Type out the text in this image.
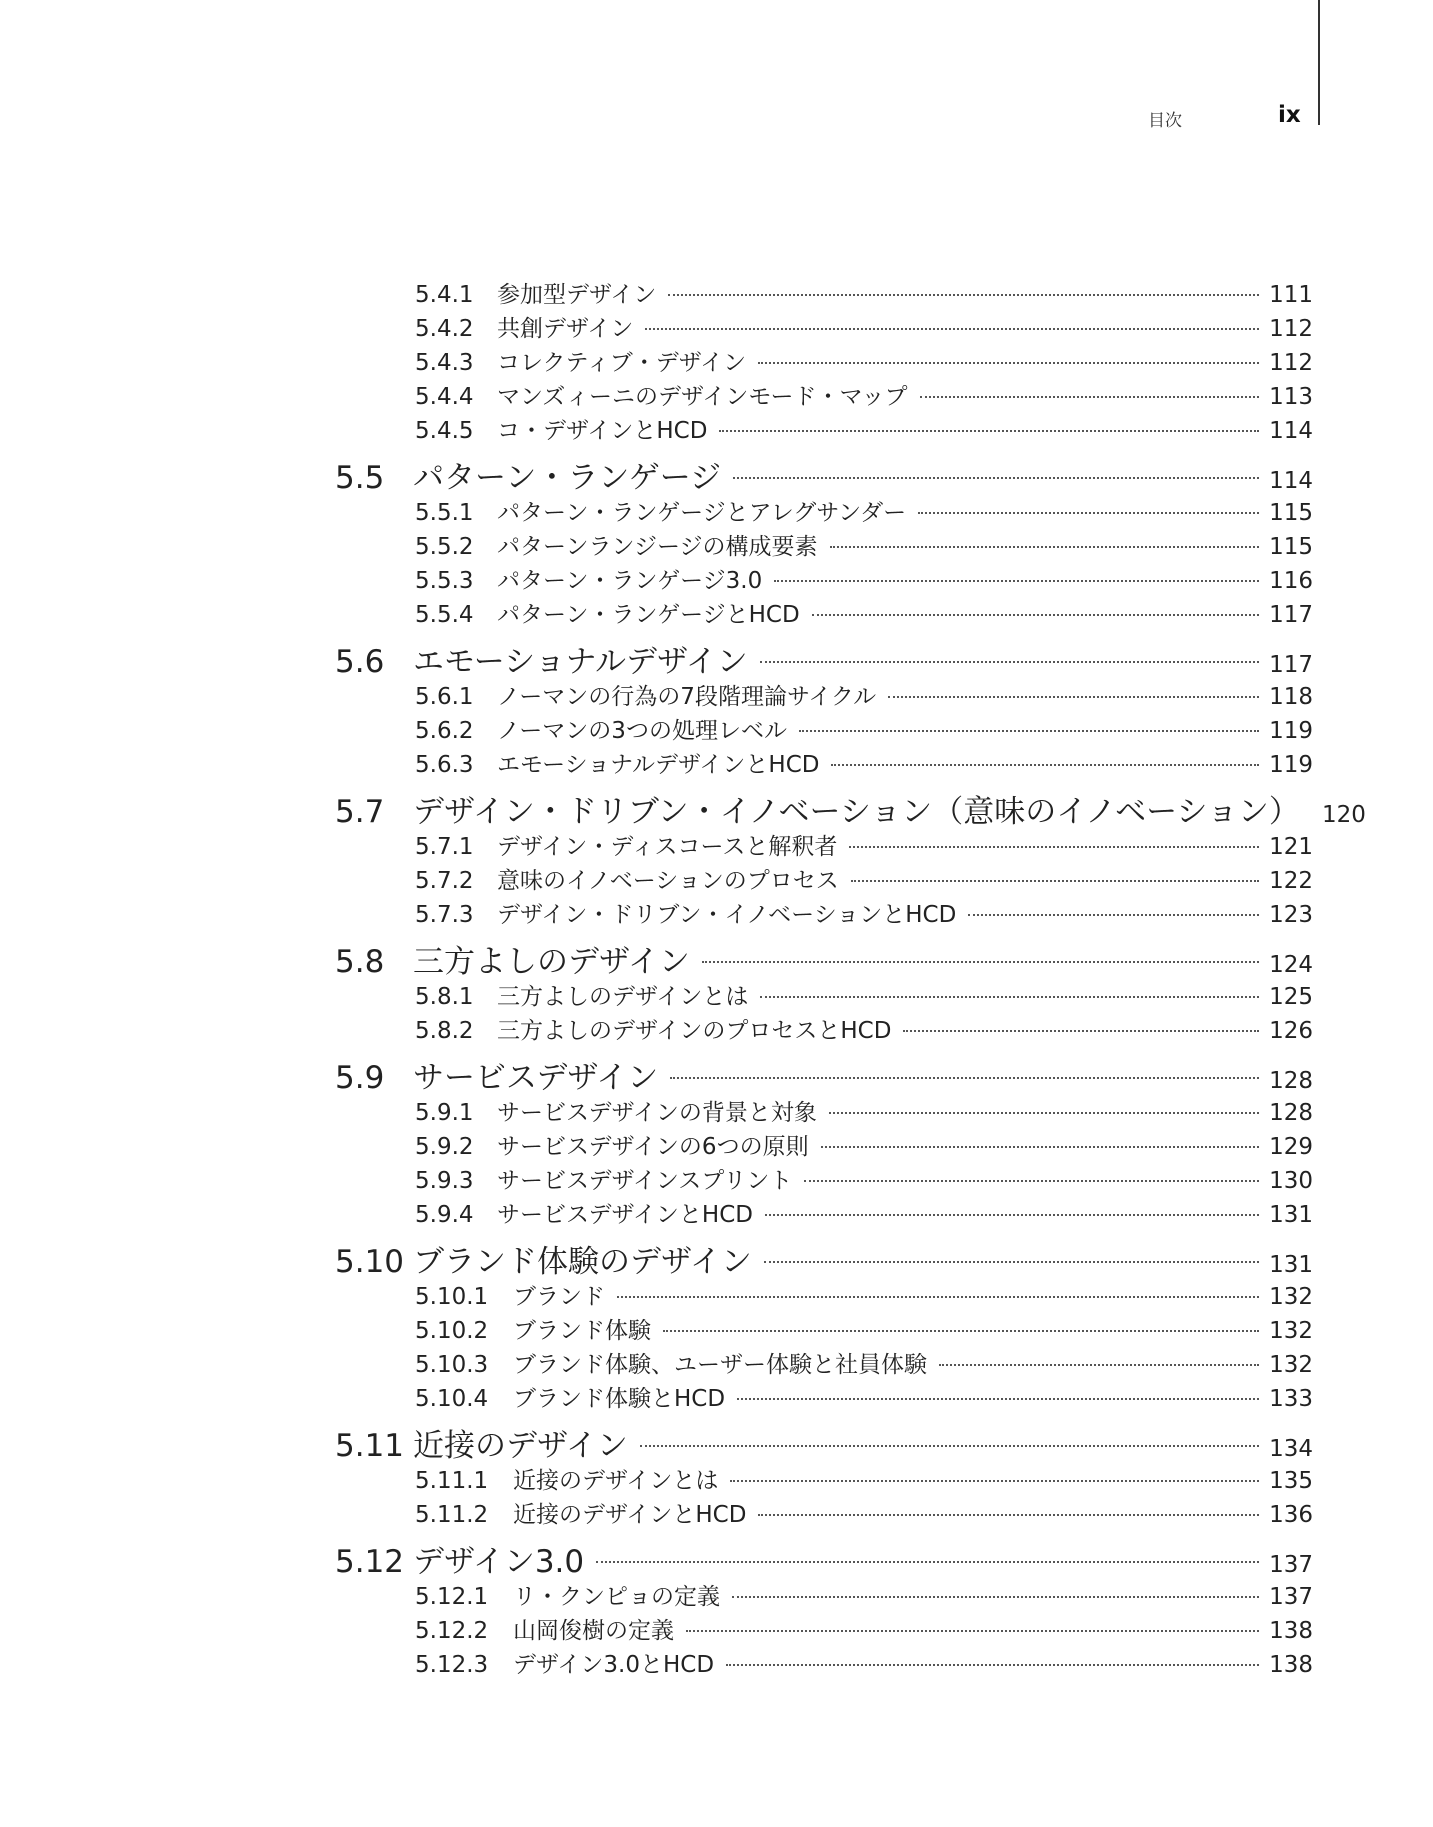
目次	ix
5.4.1	参加型デザイン	111
5.4.2	共創デザイン	112
5.4.3	コレクティブ・デザイン	112
5.4.4	マンズィーニのデザインモード・マップ	113
5.4.5	コ・デザインとHCD	114
5.5 パターン・ランゲージ	114
5.5.1	パターン・ランゲージとアレグサンダー	115
5.5.2	パターンランジージの構成要素	115
5.5.3	パターン・ランゲージ3.0	116
5.5.4	パターン・ランゲージとHCD	117
5.6 エモーショナルデザイン	117
5.6.1	ノーマンの行為の7段階理論サイクル	118
5.6.2	ノーマンの3つの処理レベル	119
5.6.3	エモーショナルデザインとHCD	119
5.7 デザイン・ドリブン・イノベーション（意味のイノベーション） 120
5.7.1	デザイン・ディスコースと解釈者	121
5.7.2	意味のイノベーションのプロセス	122
5.7.3	デザイン・ドリブン・イノベーションとHCD	123
5.8 三方よしのデザイン	124
5.8.1	三方よしのデザインとは	125
5.8.2	三方よしのデザインのプロセスとHCD	126
5.9 サービスデザイン	128
5.9.1	サービスデザインの背景と対象	128
5.9.2	サービスデザインの6つの原則	129
5.9.3	サービスデザインスプリント	130
5.9.4	サービスデザインとHCD	131
5.10 ブランド体験のデザイン	131
5.10.1	ブランド	132
5.10.2	ブランド体験	132
5.10.3	ブランド体験、ユーザー体験と社員体験	132
5.10.4	ブランド体験とHCD	133
5.11 近接のデザイン	134
5.11.1	近接のデザインとは	135
5.11.2	近接のデザインとHCD	136
5.12 デザイン3.0	137
5.12.1	リ・クンピョの定義	137
5.12.2	山岡俊樹の定義	138
5.12.3	デザイン3.0とHCD	138
